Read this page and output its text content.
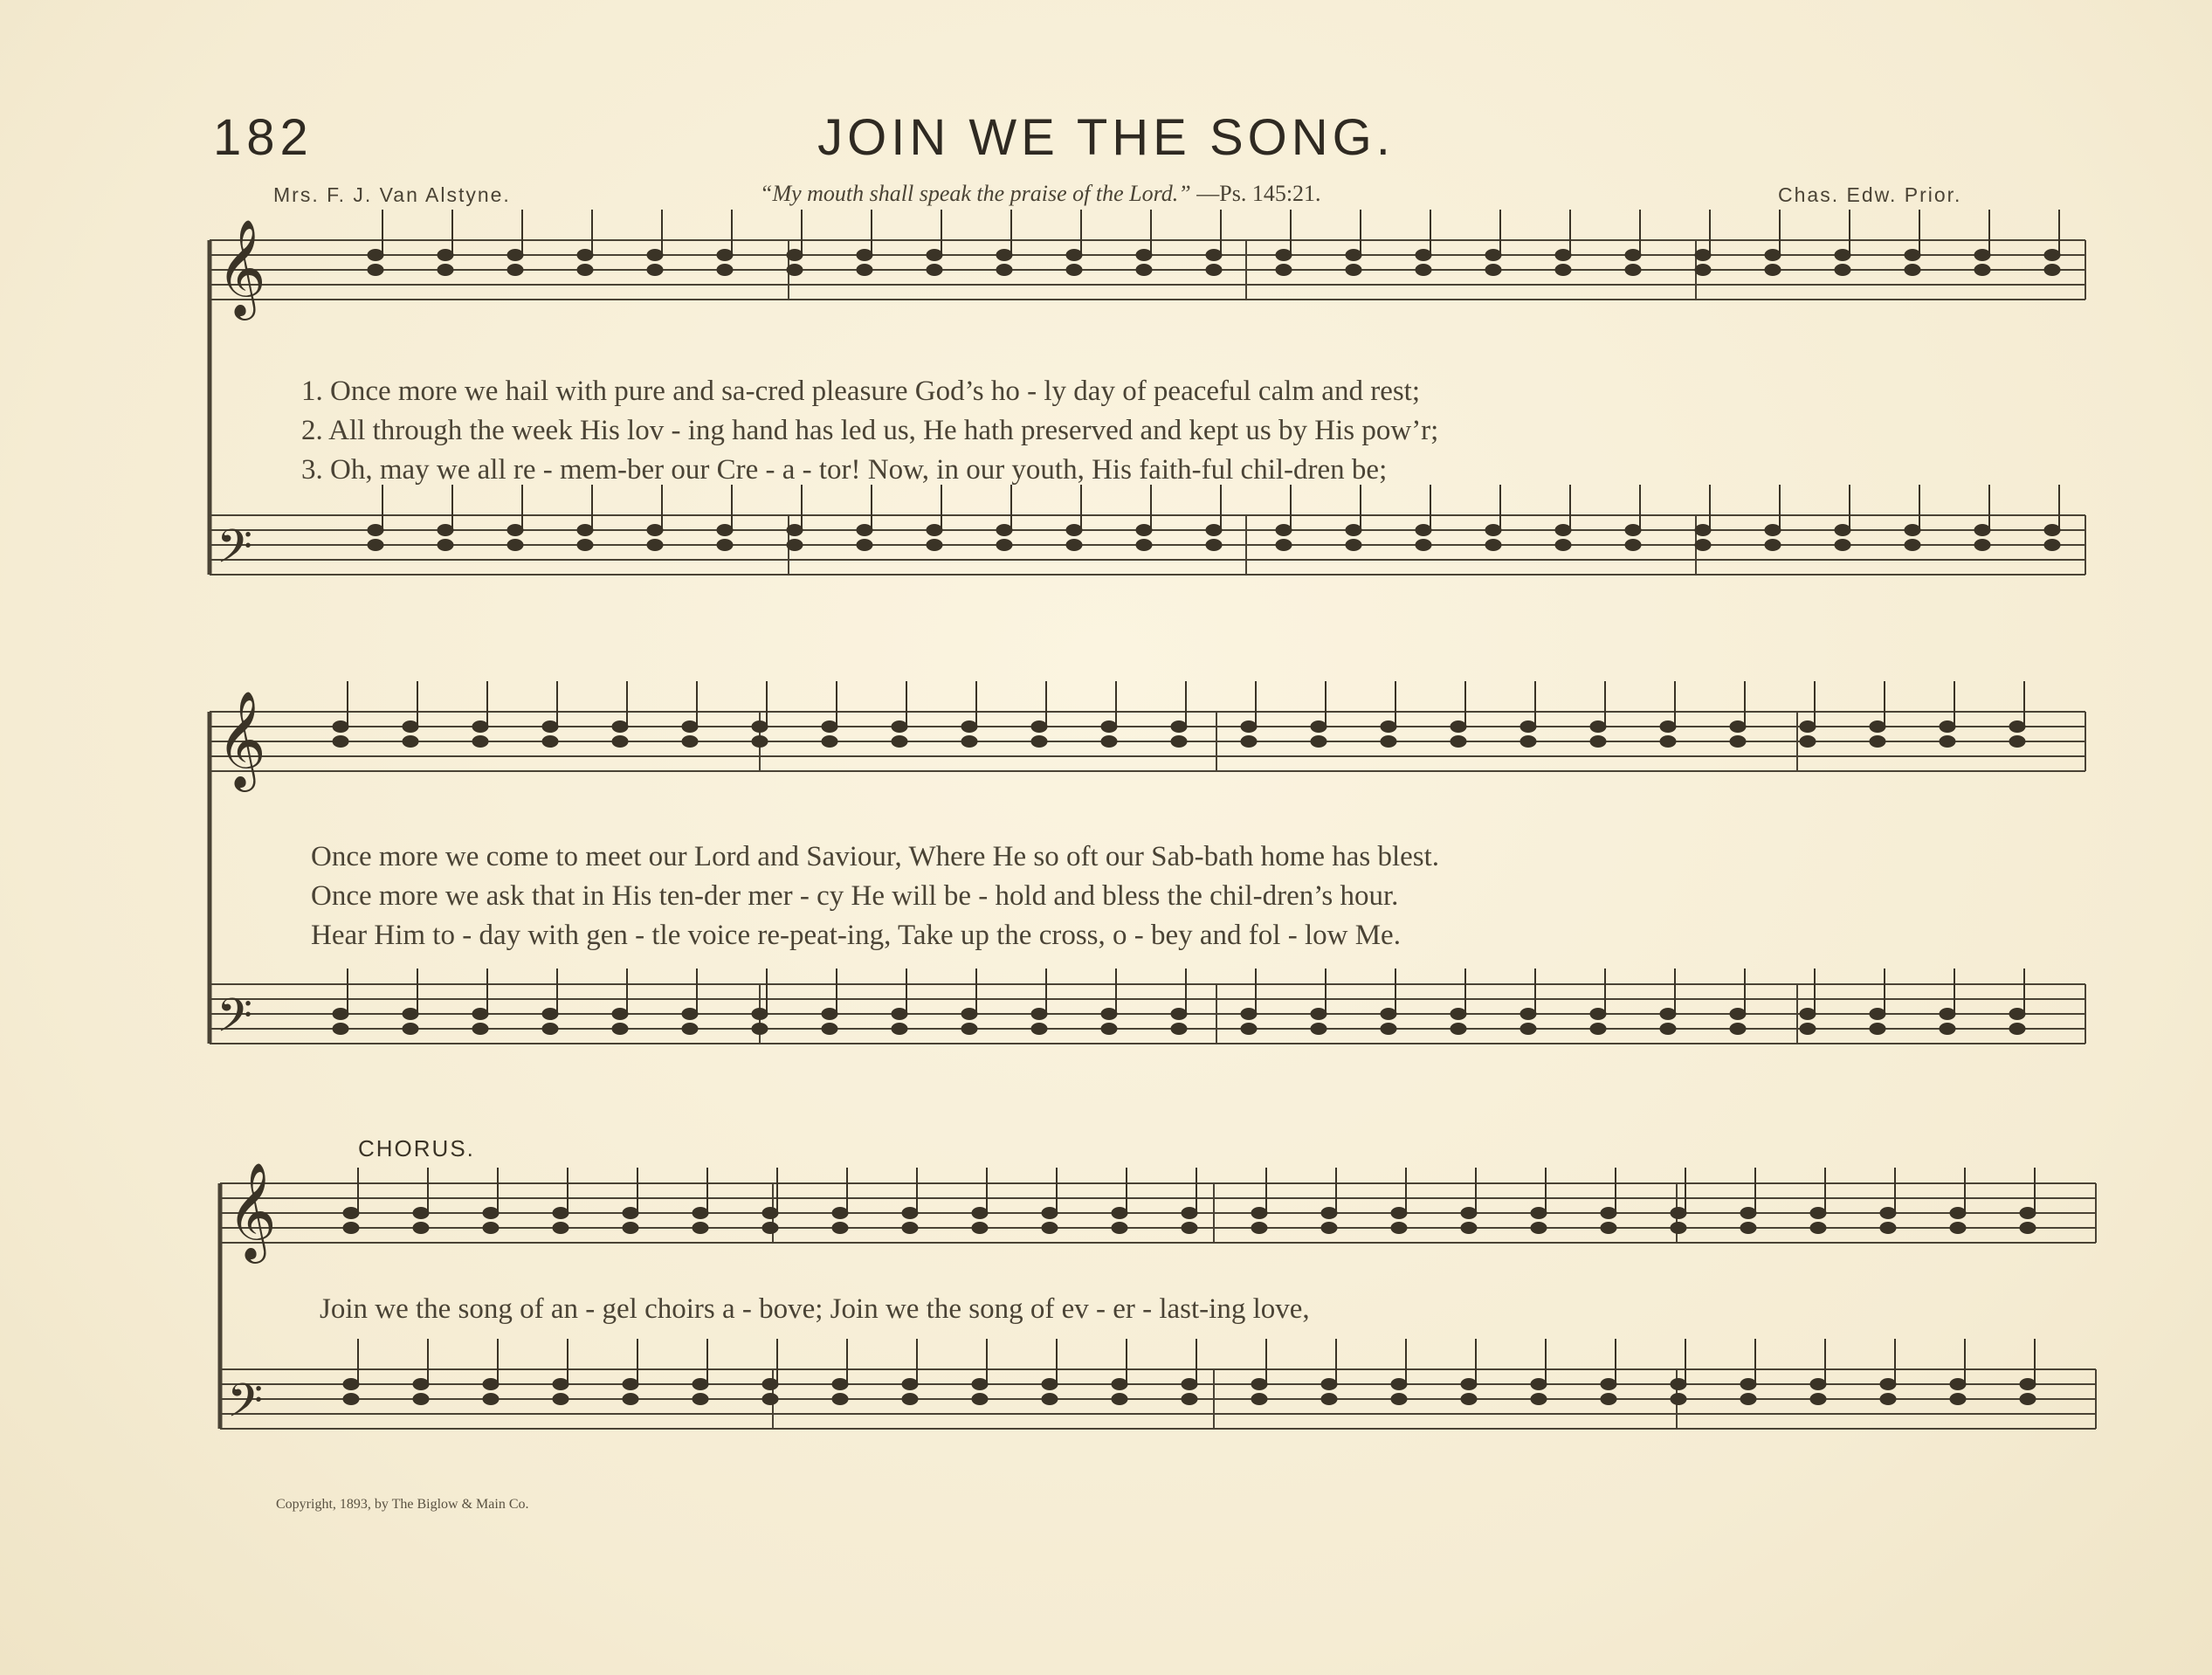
182	JOIN WE THE SONG.
Mrs. F. J. Van Alstyne.	“My mouth shall speak the praise of the Lord.” —Ps. 145:21.	Chas. Edw. Prior.
𝄞
𝄢
𝄞
𝄢
𝄞
𝄢
1. Once more we hail with pure and sa-cred pleasure God’s ho - ly day of peaceful calm and rest;
2. All through the week His lov - ing hand has led us, He hath preserved and kept us by His pow’r;
3. Oh, may we all re - mem-ber our Cre - a - tor! Now, in our youth, His faith-ful chil-dren be;
Once more we come to meet our Lord and Saviour, Where He so oft our Sab-bath home has blest.
Once more we ask that in His ten-der mer - cy He will be - hold and bless the chil-dren’s hour.
Hear Him to - day with gen - tle voice re-peat-ing, Take up the cross, o - bey and fol - low Me.
CHORUS.
Join we the song of an - gel choirs a - bove; Join we the song of ev - er - last-ing love,
Copyright, 1893, by The Biglow & Main Co.
